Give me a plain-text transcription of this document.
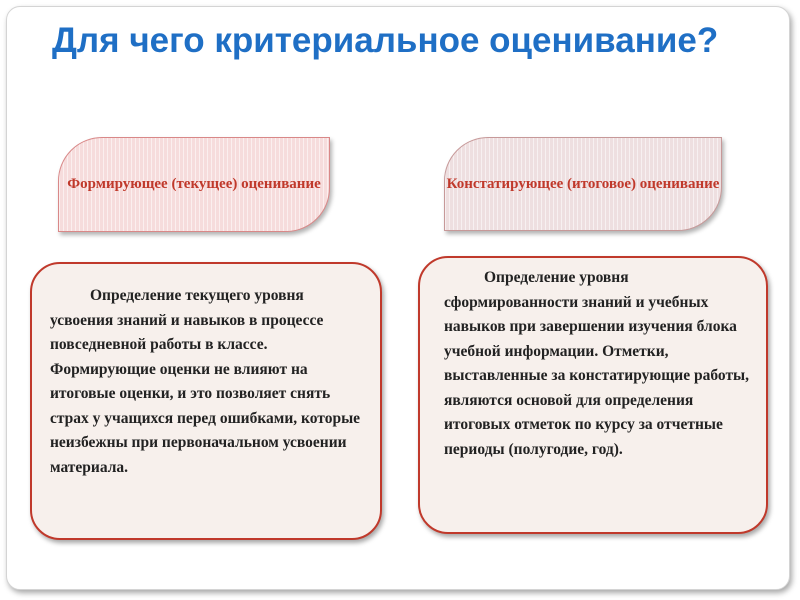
Для чего критериальное оценивание?
Формирующее (текущее) оценивание	Констатирующее (итоговое) оценивание

Определение текущего уровня усвоения знаний и навыков в процессе повседневной работы в классе. Формирующие оценки не влияют на итоговые оценки, и это позволяет снять страх у учащихся перед ошибками, которые неизбежны при первоначальном усвоении материала.

Определение уровня сформированности знаний и учебных навыков при завершении изучения блока учебной информации. Отметки, выставленные за констатирующие работы, являются основой для определения итоговых отметок по курсу за отчетные периоды (полугодие, год).
